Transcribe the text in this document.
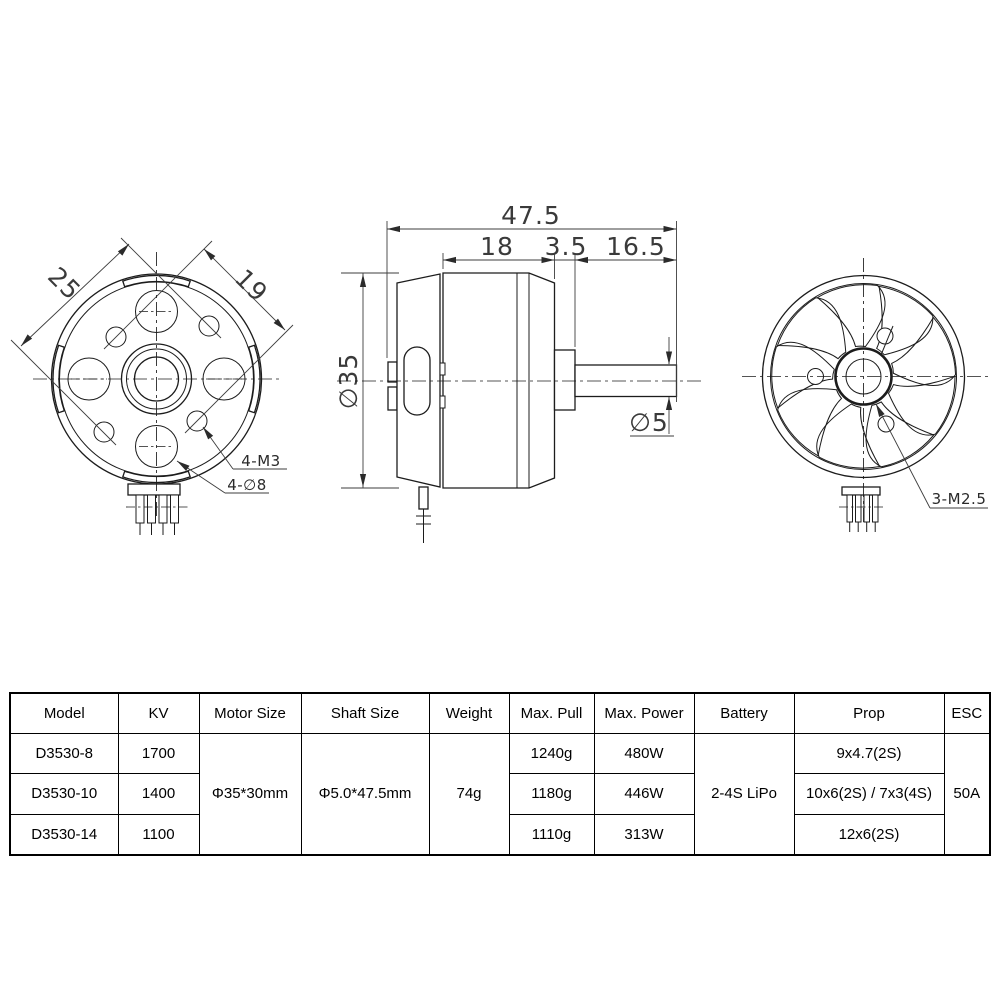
25	19
4-M3
4-∅8
47.5
18 3.5 16.5
∅35
∅5
3-M2.5
Model	KV	Motor Size	Shaft Size	Weight	Max. Pull	Max. Power	Battery	Prop	ESC
D3530-8	1700	Φ35*30mm	Φ5.0*47.5mm	74g	1240g	480W	2-4S LiPo	9x4.7(2S)	50A
D3530-10	1400				1180g	446W		10x6(2S) / 7x3(4S)	
D3530-14	1100				1110g	313W		12x6(2S)	
